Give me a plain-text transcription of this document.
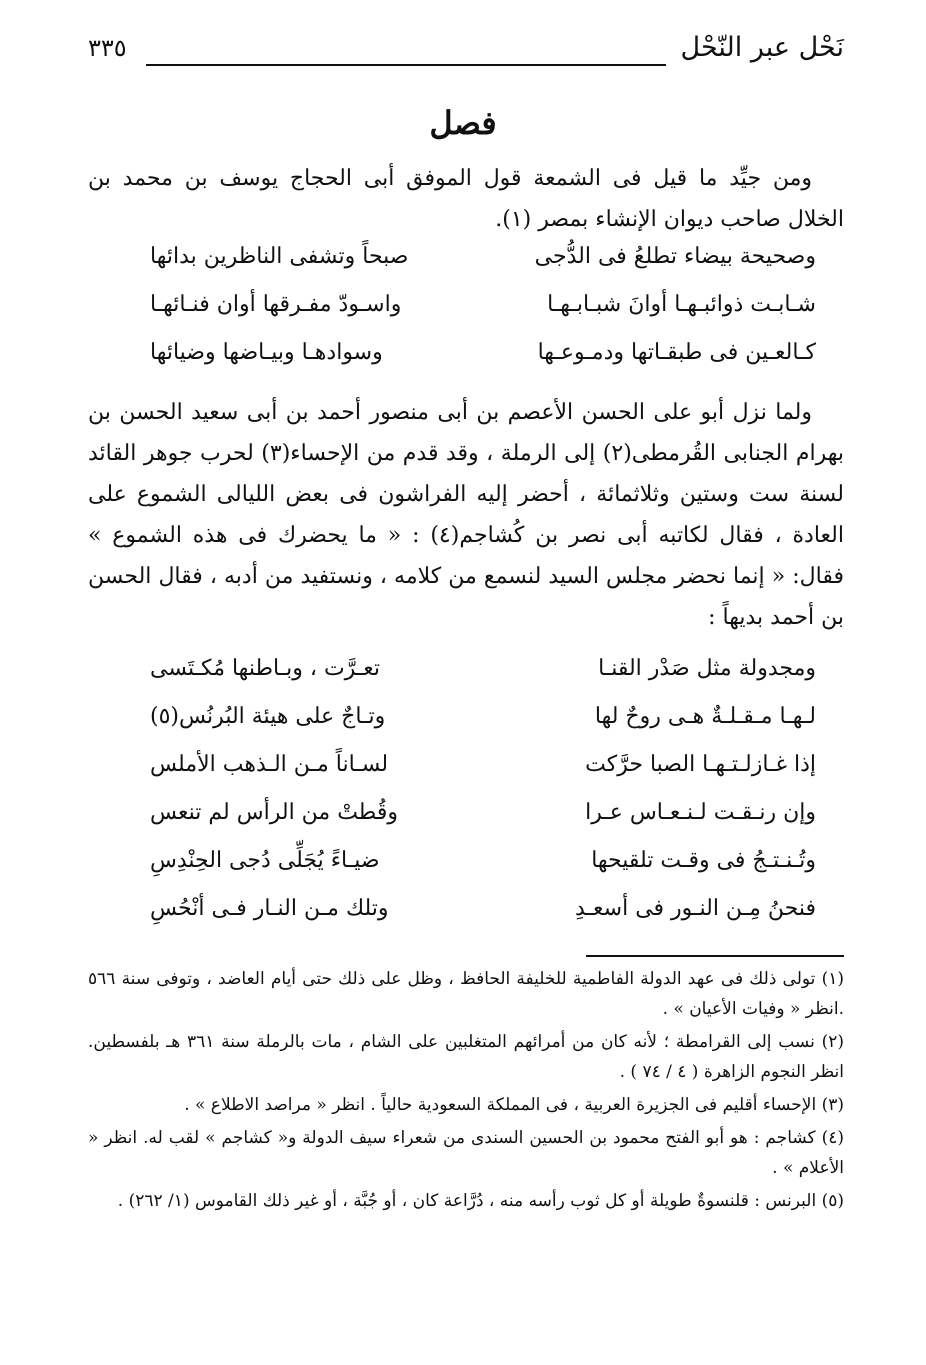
نَحْل عبر النّحْل
٣٣٥
فصل
ومن جيِّد ما قيل فى الشمعة قول الموفق أبى الحجاج يوسف بن محمد بن الخلال صاحب ديوان الإنشاء بمصر (١).
وصحيحة بيضاء تطلعُ فى الدُّجى
صبحاً وتشفى الناظرين بدائها
شـابـت ذوائبـهـا أوانَ شبـابـهـا
واسـودّ مفـرقها أوان فنـائهـا
كـالعـين فى طبقـاتها ودمـوعـها
وسوادهـا وبيـاضها وضيائها
ولما نزل أبو على الحسن الأعصم بن أبى منصور أحمد بن أبى سعيد الحسن بن بهرام الجنابى القُرمطى(٢) إلى الرملة ، وقد قدم من الإحساء(٣) لحرب جوهر القائد لسنة ست وستين وثلاثمائة ، أحضر إليه الفراشون فى بعض الليالى الشموع على العادة ، فقال لكاتبه أبى نصر بن كُشاجم(٤) : « ما يحضرك فى هذه الشموع » فقال: « إنما نحضر مجلس السيد لنسمع من كلامه ، ونستفيد من أدبه ، فقال الحسن بن أحمد بديهاً :
ومجدولة مثل صَدْر القنـا
تعـرَّت ، وبـاطنها مُكـتَسى
لـهـا مـقـلـةٌ هـى روحٌ لها
وتـاجٌ على هيئة البُرنُس(٥)
إذا غـازلـتـهـا الصبا حرَّكت
لسـاناً مـن الـذهب الأملس
وإن رنـقـت لـنـعـاس عـرا
وقُطتْ من الرأس لم تنعس
وتُـنـتـجُ فى وقـت تلقيحها
ضيـاءً يُجَلِّى دُجى الحِنْدِسِ
فنحنُ مِـن النـور فى أسعـدِ
وتلك مـن النـار فـى أنْحُسِ
(١) تولى ذلك فى عهد الدولة الفاطمية للخليفة الحافظ ، وظل على ذلك حتى أيام العاضد ، وتوفى سنة ٥٦٦ .انظر « وفيات الأعيان » .
(٢) نسب إلى القرامطة ؛ لأنه كان من أمرائهم المتغلبين على الشام ، مات بالرملة سنة ٣٦١ هـ بلفسطين. انظر النجوم الزاهرة ( ٤ / ٧٤ ) .
(٣) الإحساء أقليم فى الجزيرة العربية ، فى المملكة السعودية حالياً . انظر « مراصد الاطلاع » .
(٤) كشاجم : هو أبو الفتح محمود بن الحسين السندى من شعراء سيف الدولة و« كشاجم » لقب له. انظر « الأعلام » .
(٥) البرنس : قلنسوةٌ طويلة أو كل ثوب رأسه منه ، دُرَّاعة كان ، أو جُبَّة ، أو غير ذلك القاموس (١/ ٢٦٢) .
